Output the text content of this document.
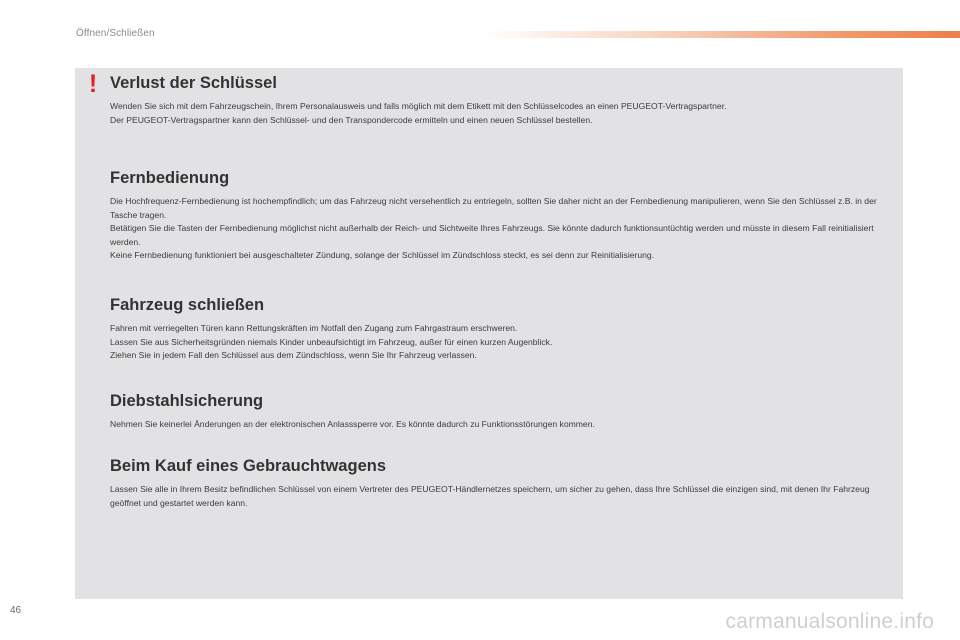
Öffnen/Schließen
! Verlust der Schlüssel

Wenden Sie sich mit dem Fahrzeugschein, Ihrem Personalausweis und falls möglich mit dem Etikett mit den Schlüsselcodes an einen PEUGEOT-Vertragspartner.

Der PEUGEOT-Vertragspartner kann den Schlüssel- und den Transpondercode ermitteln und einen neuen Schlüssel bestellen.

Fernbedienung

Die Hochfrequenz-Fernbedienung ist hochempfindlich; um das Fahrzeug nicht versehentlich zu entriegeln, sollten Sie daher nicht an der Fernbedienung manipulieren, wenn Sie den Schlüssel z.B. in der Tasche tragen.

Betätigen Sie die Tasten der Fernbedienung möglichst nicht außerhalb der Reich- und Sichtweite Ihres Fahrzeugs. Sie könnte dadurch funktionsuntüchtig werden und müsste in diesem Fall reinitialisiert werden.

Keine Fernbedienung funktioniert bei ausgeschalteter Zündung, solange der Schlüssel im Zündschloss steckt, es sei denn zur Reinitialisierung.

Fahrzeug schließen

Fahren mit verriegelten Türen kann Rettungskräften im Notfall den Zugang zum Fahrgastraum erschweren.

Lassen Sie aus Sicherheitsgründen niemals Kinder unbeaufsichtigt im Fahrzeug, außer für einen kurzen Augenblick.

Ziehen Sie in jedem Fall den Schlüssel aus dem Zündschloss, wenn Sie Ihr Fahrzeug verlassen.

Diebstahlsicherung

Nehmen Sie keinerlei Änderungen an der elektronischen Anlasssperre vor. Es könnte dadurch zu Funktionsstörungen kommen.

Beim Kauf eines Gebrauchtwagens

Lassen Sie alle in Ihrem Besitz befindlichen Schlüssel von einem Vertreter des PEUGEOT-Händlernetzes speichern, um sicher zu gehen, dass Ihre Schlüssel die einzigen sind, mit denen Ihr Fahrzeug geöffnet und gestartet werden kann.

46	carmanualsonline.info
